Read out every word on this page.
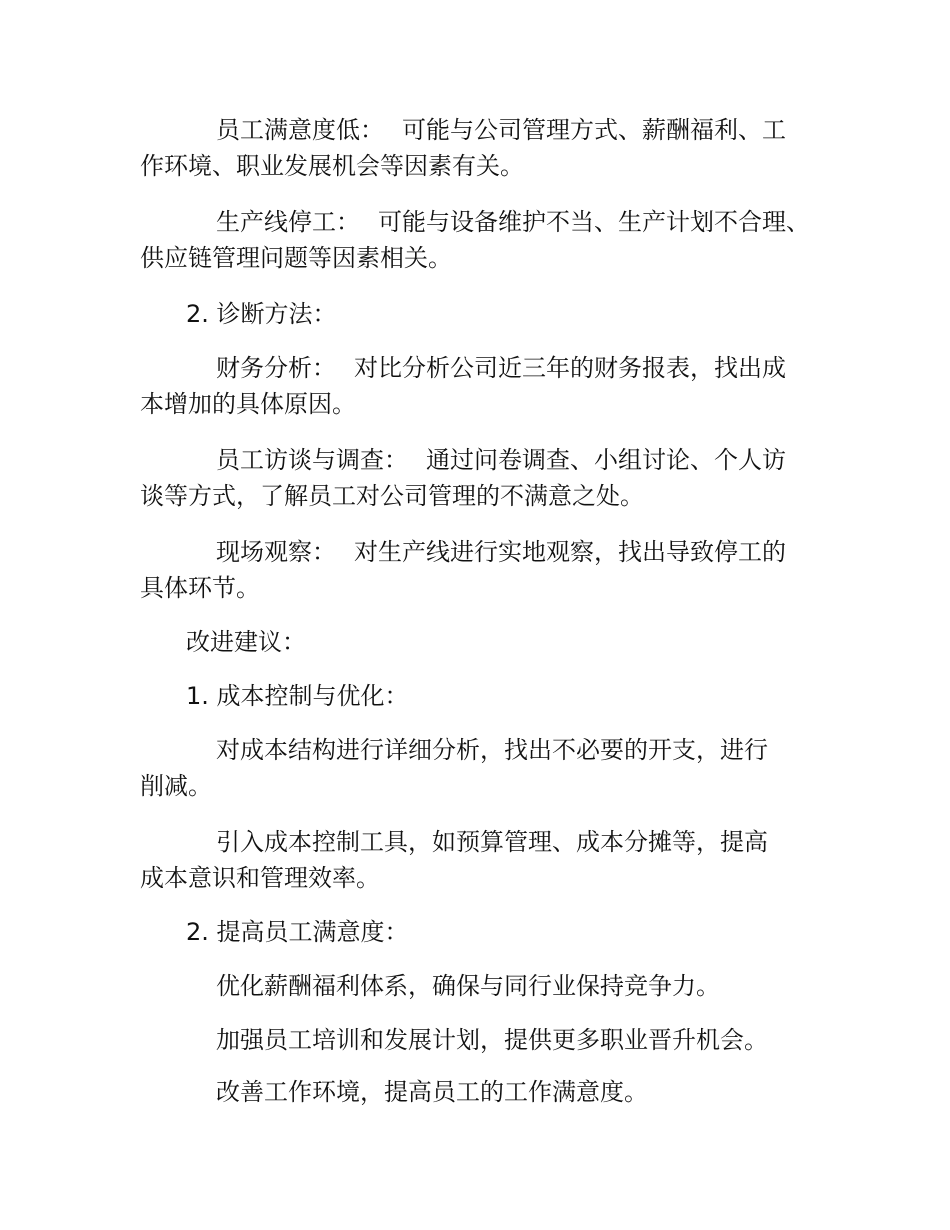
员工满意度低： 可能与公司管理方式、薪酬福利、工
作环境、职业发展机会等因素有关。
生产线停工： 可能与设备维护不当、生产计划不合理、
供应链管理问题等因素相关。
2. 诊断方法：
财务分析： 对比分析公司近三年的财务报表，找出成
本增加的具体原因。
员工访谈与调查： 通过问卷调查、小组讨论、个人访
谈等方式，了解员工对公司管理的不满意之处。
现场观察： 对生产线进行实地观察，找出导致停工的
具体环节。
改进建议：
1. 成本控制与优化：
对成本结构进行详细分析，找出不必要的开支，进行
削减。
引入成本控制工具，如预算管理、成本分摊等，提高
成本意识和管理效率。
2. 提高员工满意度：
优化薪酬福利体系，确保与同行业保持竞争力。
加强员工培训和发展计划，提供更多职业晋升机会。
改善工作环境，提高员工的工作满意度。
